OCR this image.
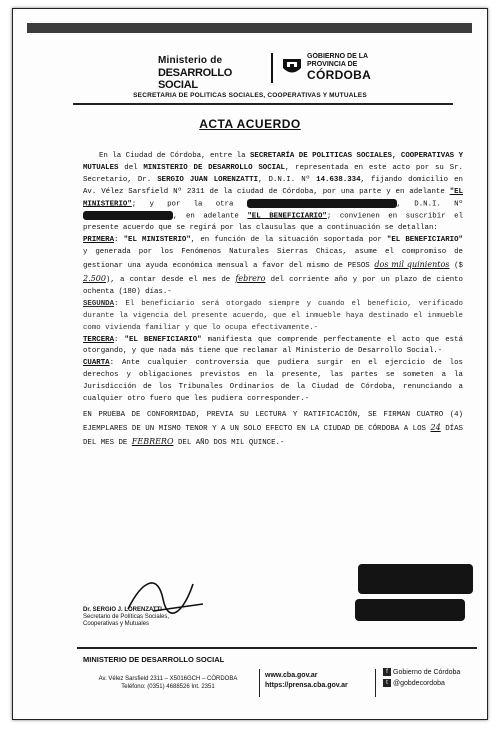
Ministerio de
DESARROLLO SOCIAL
GOBIERNO DE LA
PROVINCIA DE
CÓRDOBA
SECRETARIA DE POLITICAS SOCIALES, COOPERATIVAS Y MUTUALES
ACTA ACUERDO

En la Ciudad de Córdoba, entre la SECRETARÍA DE POLITICAS SOCIALES, COOPERATIVAS Y MUTUALES del MINISTERIO DE DESARROLLO SOCIAL, representada en este acto por su Sr. Secretario, Dr. SERGIO JUAN LORENZATTI, D.N.I. Nº 14.638.334, fijando domicilio en Av. Vélez Sarsfield Nº 2311 de la ciudad de Córdoba, por una parte y en adelante "EL MINISTERIO"; y por la otra	, D.N.I. Nº , en adelante "EL BENEFICIARIO"; convienen en suscribir el presente acuerdo que se regirá por las clausulas que a continuación se detallan:

PRIMERA: "EL MINISTERIO", en función de la situación soportada por "EL BENEFICIARIO" y generada por los Fenómenos Naturales Sierras Chicas, asume el compromiso de gestionar una ayuda económica mensual a favor del mismo de PESOS dos mil quinientos ($ 2.500), a contar desde el mes de febrero del corriente año y por un plazo de ciento ochenta (180) días.-

SEGUNDA: El beneficiario será otorgado siempre y cuando el beneficio, verificado durante la vigencia del presente acuerdo, que el inmueble haya destinado el inmueble como vivienda familiar y que lo ocupa efectivamente.-

TERCERA: "EL BENEFICIARIO" manifiesta que comprende perfectamente el acto que está otorgando, y que nada más tiene que reclamar al Ministerio de Desarrollo Social.-

CUARTA: Ante cualquier controversia que pudiera surgir en el ejercicio de los derechos y obligaciones previstos en la presente, las partes se someten a la Jurisdicción de los Tribunales Ordinarios de la Ciudad de Córdoba, renunciando a cualquier otro fuero que les pudiera corresponder.-

EN PRUEBA DE CONFORMIDAD, PREVIA SU LECTURA Y RATIFICACIÓN, SE FIRMAN CUATRO (4) EJEMPLARES DE UN MISMO TENOR Y A UN SOLO EFECTO EN LA CIUDAD DE CÓRDOBA A LOS 24 DÍAS DEL MES DE FEBRERO DEL AÑO DOS MIL QUINCE.-

Dr. SERGIO J. LORENZATTI
Secretario de Políticas Sociales,
Cooperativas y Mutuales
MINISTERIO DE DESARROLLO SOCIAL
Av. Vélez Sarsfield 2311 – X5016GCH – CÓRDOBA
Teléfono: (0351) 4688526 Int. 2351
www.cba.gov.ar
https://prensa.cba.gov.ar
f Gobierno de Córdoba
t @gobdecordoba
